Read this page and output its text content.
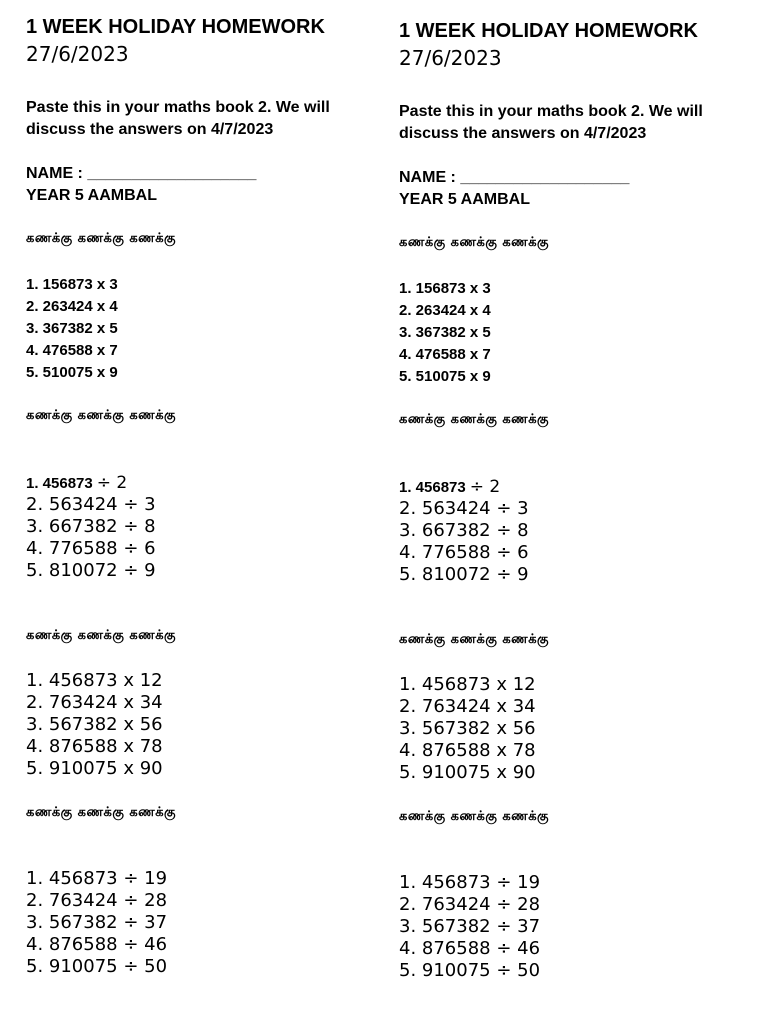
1 WEEK HOLIDAY HOMEWORK
27/6/2023
Paste this in your maths book 2. We will
discuss the answers on 4/7/2023
NAME : ___________________
YEAR 5 AAMBAL
கணக்கு கணக்கு கணக்கு
1. 156873 x 3
2. 263424 x 4
3. 367382 x 5
4. 476588 x 7
5. 510075 x 9
கணக்கு கணக்கு கணக்கு
1. 456873 ÷ 2
2. 563424 ÷ 3
3. 667382 ÷ 8
4. 776588 ÷ 6
5. 810072 ÷ 9
கணக்கு கணக்கு கணக்கு
1. 456873 x 12
2. 763424 x 34
3. 567382 x 56
4. 876588 x 78
5. 910075 x 90
கணக்கு கணக்கு கணக்கு
1. 456873 ÷ 19
2. 763424 ÷ 28
3. 567382 ÷ 37
4. 876588 ÷ 46
5. 910075 ÷ 50
1 WEEK HOLIDAY HOMEWORK
27/6/2023
Paste this in your maths book 2. We will
discuss the answers on 4/7/2023
NAME : ___________________
YEAR 5 AAMBAL
கணக்கு கணக்கு கணக்கு
1. 156873 x 3
2. 263424 x 4
3. 367382 x 5
4. 476588 x 7
5. 510075 x 9
கணக்கு கணக்கு கணக்கு
1. 456873 ÷ 2
2. 563424 ÷ 3
3. 667382 ÷ 8
4. 776588 ÷ 6
5. 810072 ÷ 9
கணக்கு கணக்கு கணக்கு
1. 456873 x 12
2. 763424 x 34
3. 567382 x 56
4. 876588 x 78
5. 910075 x 90
கணக்கு கணக்கு கணக்கு
1. 456873 ÷ 19
2. 763424 ÷ 28
3. 567382 ÷ 37
4. 876588 ÷ 46
5. 910075 ÷ 50
